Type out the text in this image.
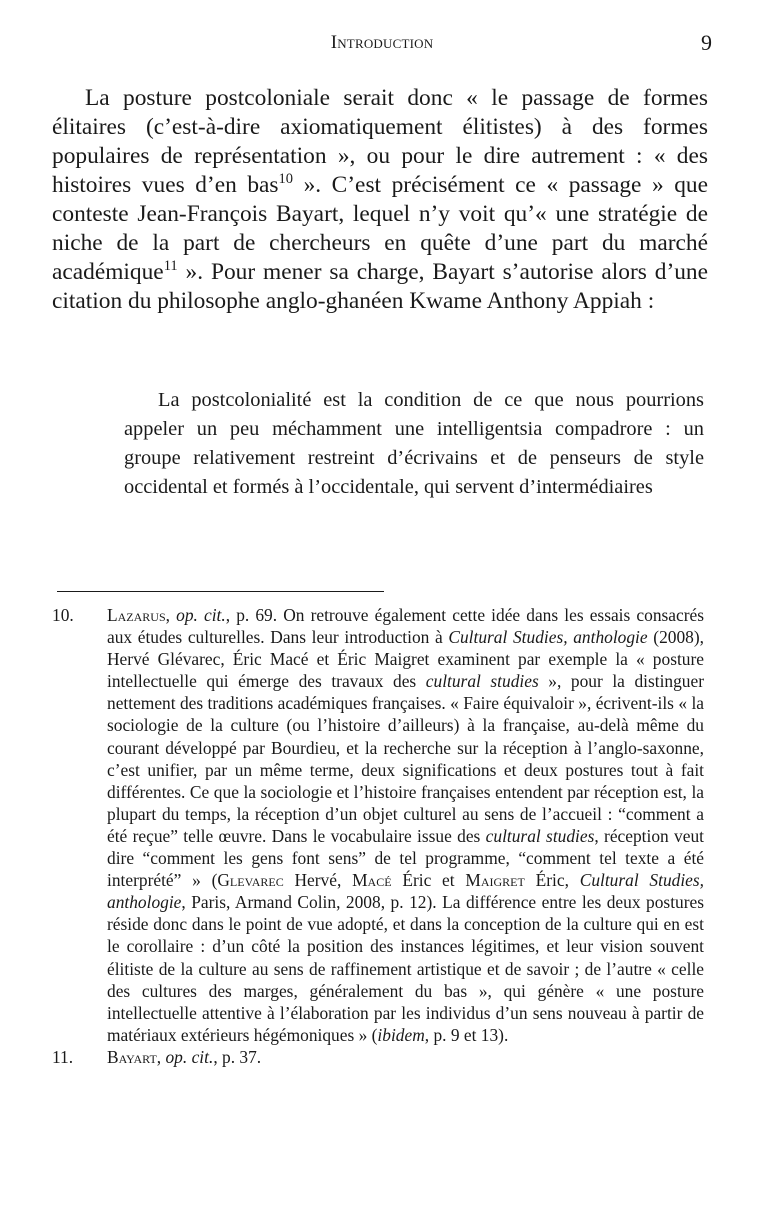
Introduction	9

La posture postcoloniale serait donc « le passage de formes élitaires (c’est-à-dire axiomatiquement élitistes) à des formes populaires de représentation », ou pour le dire autrement : « des histoires vues d’en bas$^{10}$ ». C’est précisément ce « passage » que conteste Jean-François Bayart, lequel n’y voit qu’« une stratégie de niche de la part de chercheurs en quête d’une part du marché académique$^{11}$ ». Pour mener sa charge, Bayart s’autorise alors d’une citation du philosophe anglo-ghanéen Kwame Anthony Appiah :

La postcolonialité est la condition de ce que nous pourrions appeler un peu méchamment une intelligentsia compadrore : un groupe relativement restreint d’écrivains et de penseurs de style occidental et formés à l’occidentale, qui servent d’intermédiaires

10. Lazarus, op. cit., p. 69. On retrouve également cette idée dans les essais consacrés aux études culturelles. Dans leur introduction à Cultural Studies, anthologie (2008), Hervé Glévarec, Éric Macé et Éric Maigret examinent par exemple la « posture intellectuelle qui émerge des travaux des cultural studies », pour la distinguer nettement des traditions académiques françaises. « Faire équivaloir », écrivent-ils « la sociologie de la culture (ou l’histoire d’ailleurs) à la française, au-delà même du courant développé par Bourdieu, et la recherche sur la réception à l’anglo-saxonne, c’est unifier, par un même terme, deux significations et deux postures tout à fait différentes. Ce que la sociologie et l’histoire françaises entendent par réception est, la plupart du temps, la réception d’un objet culturel au sens de l’accueil : “comment a été reçue” telle œuvre. Dans le vocabulaire issue des cultural studies, réception veut dire “comment les gens font sens” de tel programme, “comment tel texte a été interprété” » (Glevarec Hervé, Macé Éric et Maigret Éric, Cultural Studies, anthologie, Paris, Armand Colin, 2008, p. 12). La différence entre les deux postures réside donc dans le point de vue adopté, et dans la conception de la culture qui en est le corollaire : d’un côté la position des instances légitimes, et leur vision souvent élitiste de la culture au sens de raffinement artistique et de savoir ; de l’autre « celle des cultures des marges, généralement du bas », qui génère « une posture intellectuelle attentive à l’élaboration par les individus d’un sens nouveau à partir de matériaux extérieurs hégémoniques » (ibidem, p. 9 et 13).

11. Bayart, op. cit., p. 37.
